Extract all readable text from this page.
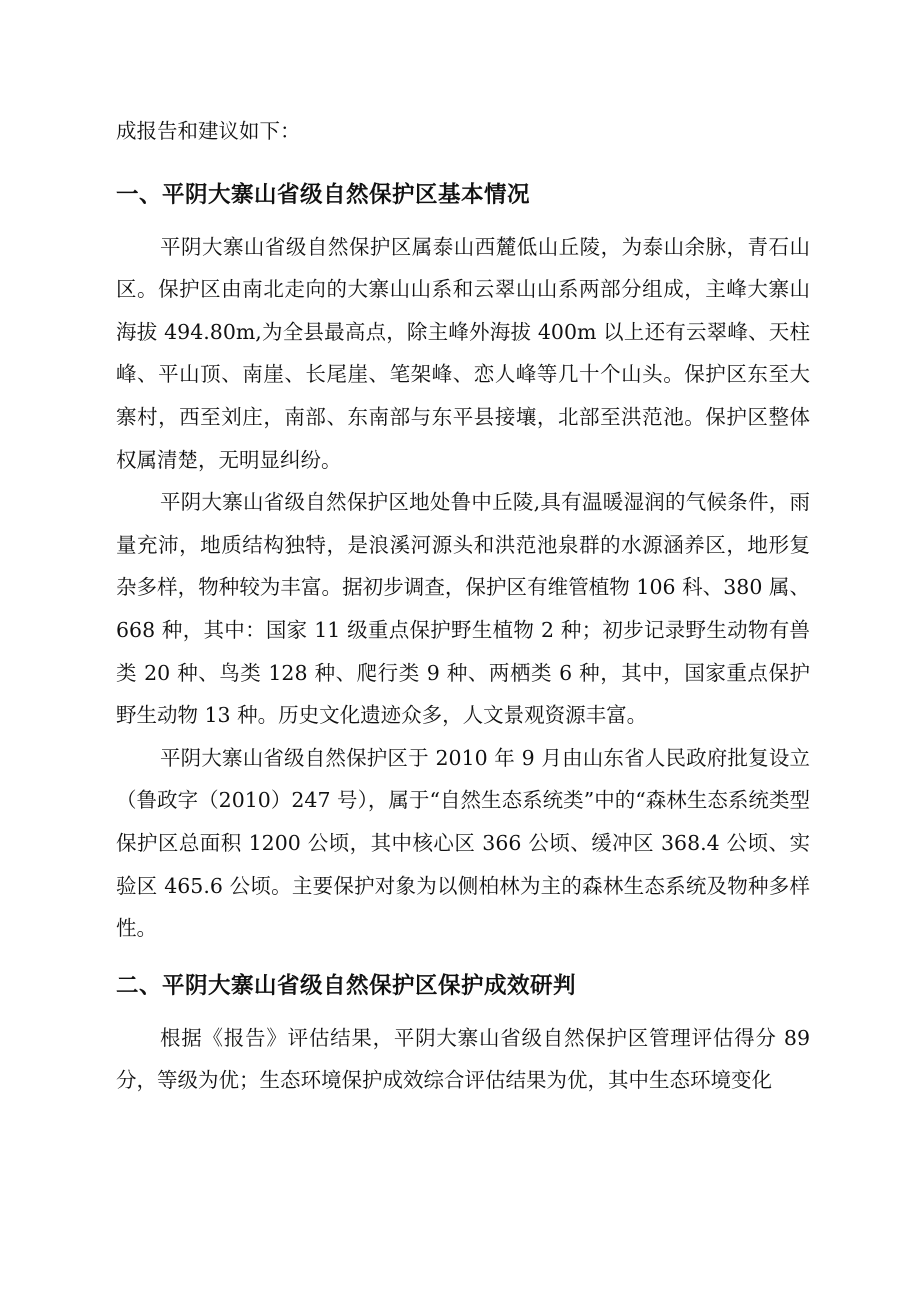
成报告和建议如下：

一、平阴大寨山省级自然保护区基本情况

平阴大寨山省级自然保护区属泰山西麓低山丘陵，为泰山余脉，青石山区。保护区由南北走向的大寨山山系和云翠山山系两部分组成，主峰大寨山海拔 494.80m,为全县最高点，除主峰外海拔 400m 以上还有云翠峰、天柱峰、平山顶、南崖、长尾崖、笔架峰、恋人峰等几十个山头。保护区东至大寨村，西至刘庄，南部、东南部与东平县接壤，北部至洪范池。保护区整体权属清楚，无明显纠纷。

平阴大寨山省级自然保护区地处鲁中丘陵,具有温暖湿润的气候条件，雨量充沛，地质结构独特，是浪溪河源头和洪范池泉群的水源涵养区，地形复杂多样，物种较为丰富。据初步调查，保护区有维管植物 106 科、380 属、668 种，其中：国家 11 级重点保护野生植物 2 种；初步记录野生动物有兽类 20 种、鸟类 128 种、爬行类 9 种、两栖类 6 种，其中，国家重点保护野生动物 13 种。历史文化遗迹众多，人文景观资源丰富。

平阴大寨山省级自然保护区于 2010 年 9 月由山东省人民政府批复设立（鲁政字（2010）247 号），属于“自然生态系统类”中的“森林生态系统类型保护区总面积 1200 公顷，其中核心区 366 公顷、缓冲区 368.4 公顷、实验区 465.6 公顷。主要保护对象为以侧柏林为主的森林生态系统及物种多样性。

二、平阴大寨山省级自然保护区保护成效研判

根据《报告》评估结果，平阴大寨山省级自然保护区管理评估得分 89 分，等级为优；生态环境保护成效综合评估结果为优，其中生态环境变化
